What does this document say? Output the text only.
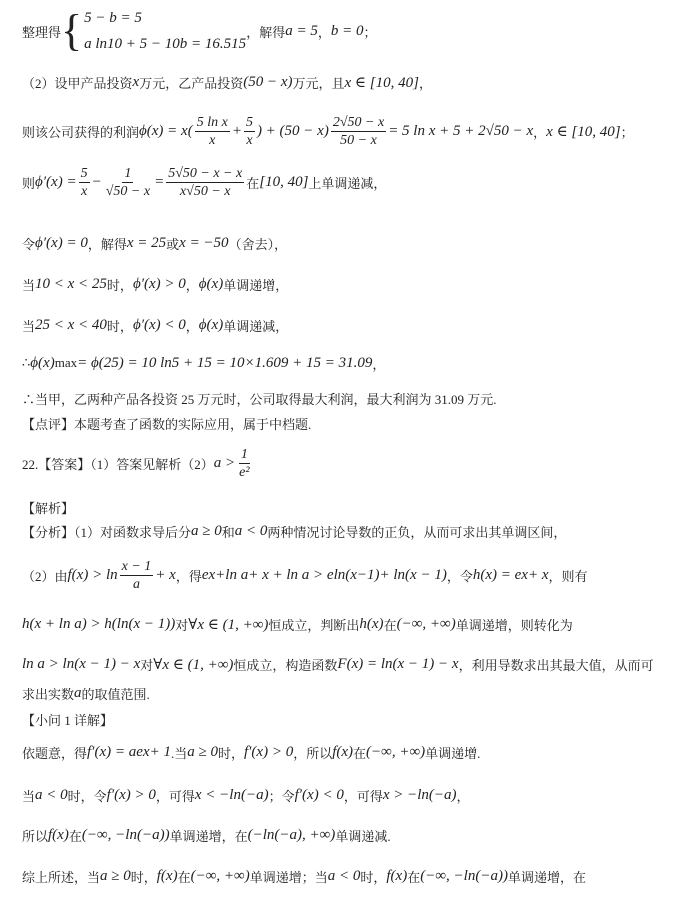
整理得 { 5 − b = 5
a ln10 + 5 − 10b = 16.515
，解得 a = 5 ， b = 0 ；
（2）设甲产品投资 x 万元，乙产品投资 (50 − x) 万元，且 x ∈ [10, 40] ，
则该公司获得的利润 $\phi(x) = x( \frac{\text{5 ln x}}{x} + \frac{5}{x}$ ) + $(50 - x) \frac{2√50 - x}{50 - x} = 5$ ln x + 5 + 2√50 − x ， x ∈ [10, 40] ；
则 $\phi'(x) = \frac{5}{x} - \frac{1}{√50 - x} = \frac{5√50 - x - x}{x√50 - x}$ 在 [10, 40] 上单调递减，
令 ϕ′(x) = 0 ，解得 x = 25 或 x = −50 （舍去），
当 10 < x < 25 时， ϕ′(x) > 0 ， ϕ(x) 单调递增，
当 25 < x < 40 时， ϕ′(x) < 0 ， ϕ(x) 单调递减，
∴ ϕ(x) max = ϕ(25) = 10 ln5 + 15 = 10×1.609 + 15 = 31.09 ，
∴当甲，乙两种产品各投资 25 万元时，公司取得最大利润，最大利润为 31.09 万元.
【点评】本题考查了函数的实际应用，属于中档题.
22.【答案】（1）答案见解析（2） $a > \frac{1}{\text{e²}}$
【解析】
【分析】（1）对函数求导后分 a ≥ 0 和 a < 0 两种情况讨论导数的正负，从而可求出其单调区间，
（2）由 $f(x) > \ln \frac{x - 1}{a} + x$ ，得 e x+ln a + x + ln a > e ln(x−1) + ln(x − 1) ，令 h(x) = e x + x ，则有
h(x + ln a) > h(ln(x − 1)) 对 ∀x ∈ (1, +∞) 恒成立，判断出 h(x) 在 (−∞, +∞) 单调递增，则转化为
ln a > ln(x − 1) − x 对 ∀x ∈ (1, +∞) 恒成立，构造函数 F(x) = ln(x − 1) − x ，利用导数求出其最大值，从而可
求出实数 a 的取值范围.
【小问 1 详解】
依题意，得 f′(x) = ae x + 1 .当 a ≥ 0 时， f′(x) > 0 ，所以 f(x) 在 (−∞, +∞) 单调递增.
当 a < 0 时，令 f′(x) > 0 ，可得 x < −ln(−a) ；令 f′(x) < 0 ，可得 x > −ln(−a) ，
所以 f(x) 在 (−∞, −ln(−a)) 单调递增，在 (−ln(−a), +∞) 单调递减.
综上所述，当 a ≥ 0 时， f(x) 在 (−∞, +∞) 单调递增；当 a < 0 时， f(x) 在 (−∞, −ln(−a)) 单调递增，在
